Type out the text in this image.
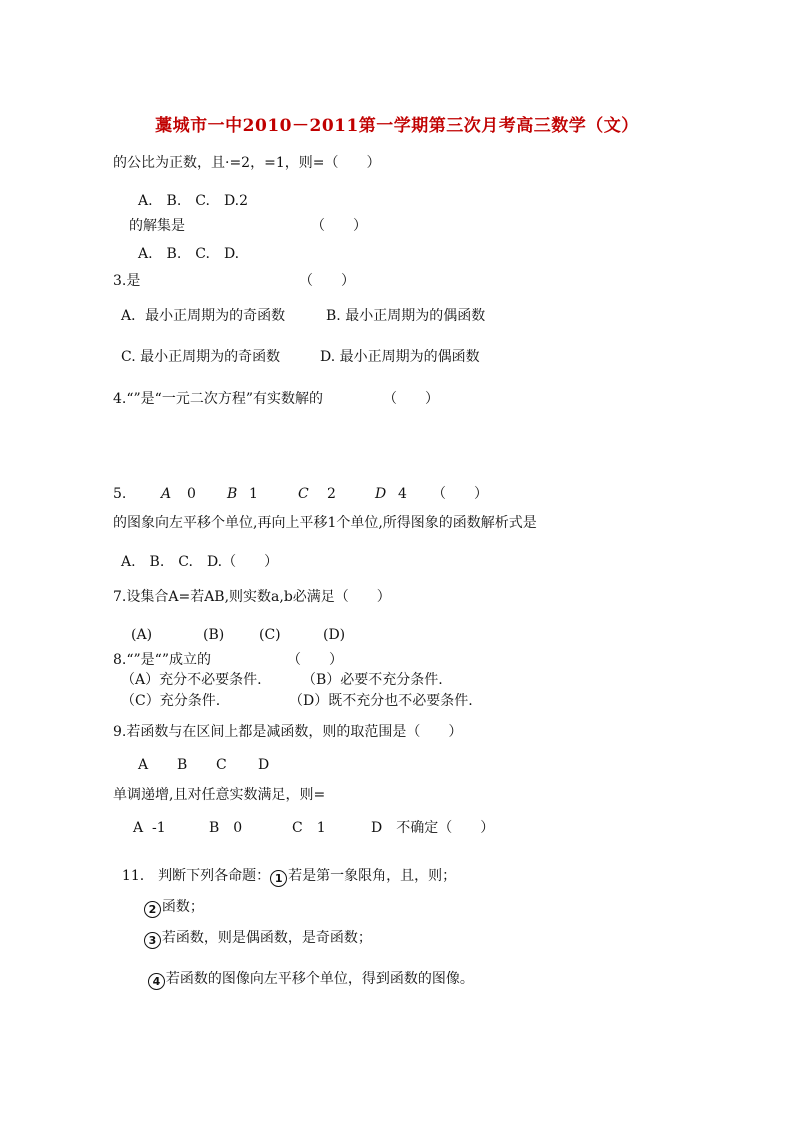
藁城市一中2010－2011第一学期第三次月考高三数学（文）
的公比为正数，且·=2，=1，则=（　　）
A.　B.　C.　D.2
的解集是	（　　）
A.　B.　C.　D.
3.是	（　　）
A．最小正周期为的奇函数	B. 最小正周期为的偶函数
C. 最小正周期为的奇函数	D. 最小正周期为的偶函数
4.“”是“一元二次方程”有实数解的	（　　）
5. A 0 B 1	C 2	D 4 （　　）
的图象向左平移个单位,再向上平移1个单位,所得图象的函数解析式是
A.　B.　C.　D.（　　）
7.设集合A=若AB,则实数a,b必满足（　　）
(A)	(B) (C)	(D)
8.“”是“”成立的	（　　）
（A）充分不必要条件.	（B）必要不充分条件.
（C）充分条件.	（D）既不充分也不必要条件.
9.若函数与在区间上都是减函数，则的取范围是（　　）
A B C D
单调递增,且对任意实数满足，则=
A  -1	B　0	C　1	D　不确定（　　）

11.　判断下列各命题： 1 若是第一象限角，且，则；

2 函数；

3 若函数，则是偶函数，是奇函数；

4 若函数的图像向左平移个单位，得到函数的图像。
